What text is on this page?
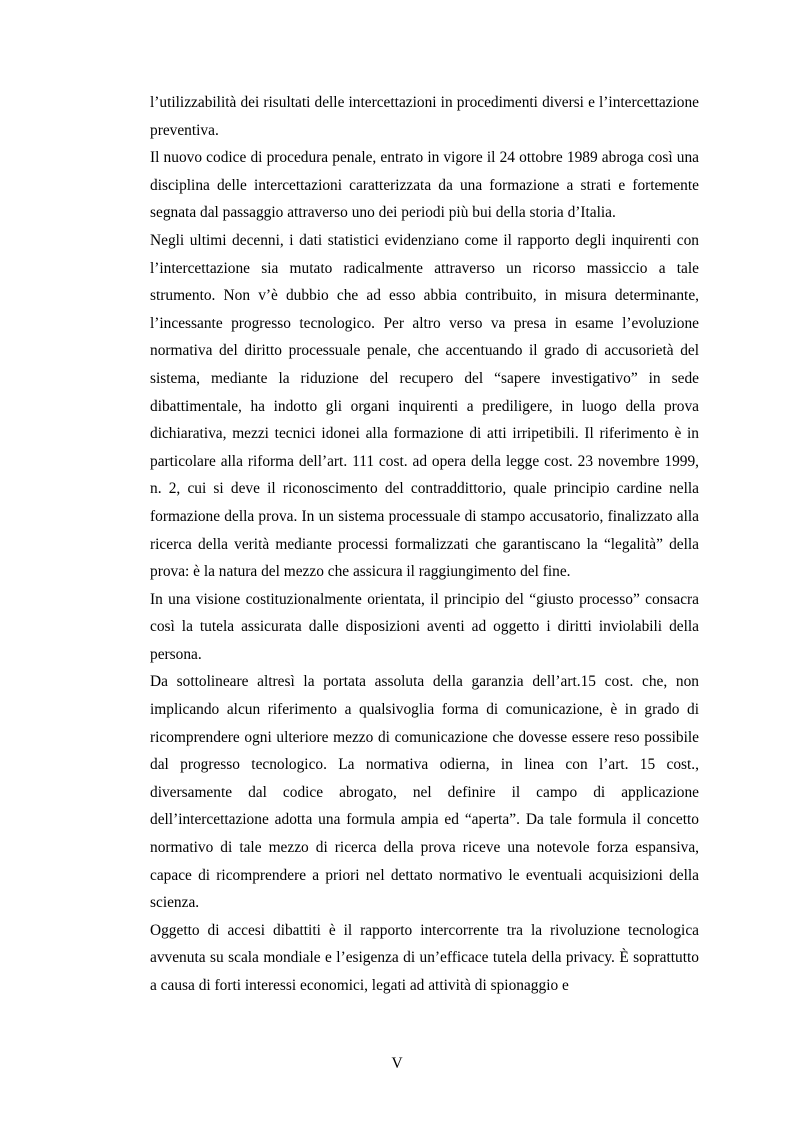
l’utilizzabilità dei risultati delle intercettazioni in procedimenti diversi e l’intercettazione preventiva.

Il nuovo codice di procedura penale, entrato in vigore il 24 ottobre 1989 abroga così una disciplina delle intercettazioni caratterizzata da una formazione a strati e fortemente segnata dal passaggio attraverso uno dei periodi più bui della storia d’Italia.

Negli ultimi decenni, i dati statistici evidenziano come il rapporto degli inquirenti con l’intercettazione sia mutato radicalmente attraverso un ricorso massiccio a tale strumento. Non v’è dubbio che ad esso abbia contribuito, in misura determinante, l’incessante progresso tecnologico. Per altro verso va presa in esame l’evoluzione normativa del diritto processuale penale, che accentuando il grado di accusorietà del sistema, mediante la riduzione del recupero del “sapere investigativo” in sede dibattimentale, ha indotto gli organi inquirenti a prediligere, in luogo della prova dichiarativa, mezzi tecnici idonei alla formazione di atti irripetibili. Il riferimento è in particolare alla riforma dell’art. 111 cost. ad opera della legge cost. 23 novembre 1999, n. 2, cui si deve il riconoscimento del contraddittorio, quale principio cardine nella formazione della prova. In un sistema processuale di stampo accusatorio, finalizzato alla ricerca della verità mediante processi formalizzati che garantiscano la “legalità” della prova: è la natura del mezzo che assicura il raggiungimento del fine.

In una visione costituzionalmente orientata, il principio del “giusto processo” consacra così la tutela assicurata dalle disposizioni aventi ad oggetto i diritti inviolabili della persona.

Da sottolineare altresì la portata assoluta della garanzia dell’art.15 cost. che, non implicando alcun riferimento a qualsivoglia forma di comunicazione, è in grado di ricomprendere ogni ulteriore mezzo di comunicazione che dovesse essere reso possibile dal progresso tecnologico. La normativa odierna, in linea con l’art. 15 cost., diversamente dal codice abrogato, nel definire il campo di applicazione dell’intercettazione adotta una formula ampia ed “aperta”. Da tale formula il concetto normativo di tale mezzo di ricerca della prova riceve una notevole forza espansiva, capace di ricomprendere a priori nel dettato normativo le eventuali acquisizioni della scienza.

Oggetto di accesi dibattiti è il rapporto intercorrente tra la rivoluzione tecnologica avvenuta su scala mondiale e l’esigenza di un’efficace tutela della privacy. È soprattutto a causa di forti interessi economici, legati ad attività di spionaggio e

V
